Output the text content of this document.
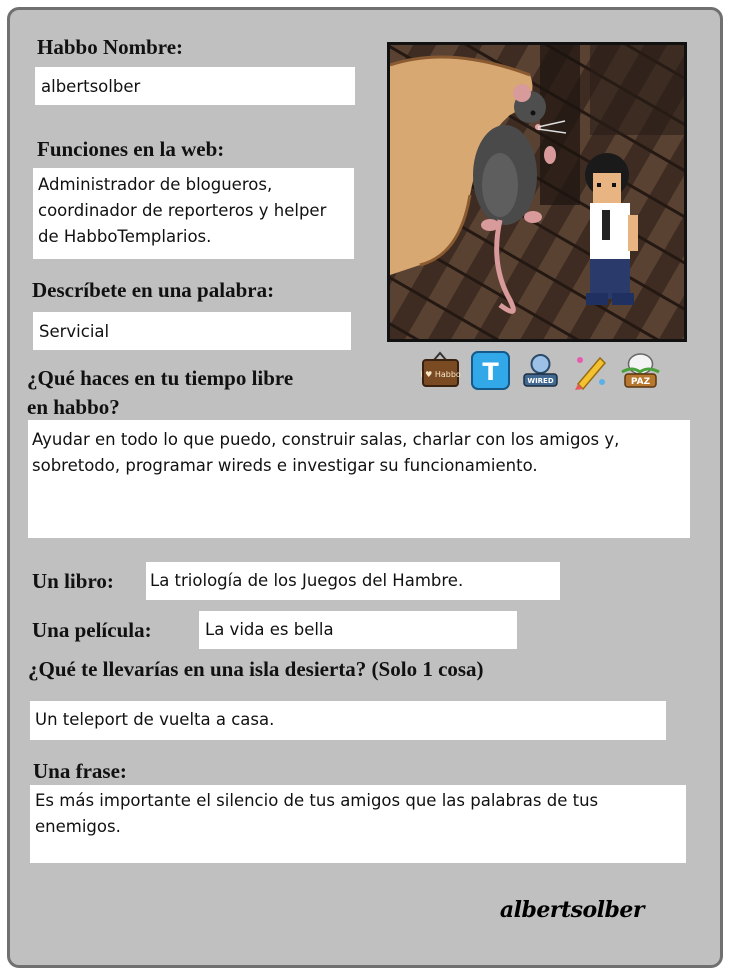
Habbo Nombre:
albertsolber
Funciones en la web:
Administrador de blogueros, coordinador de reporteros y helper de HabboTemplarios.
Descríbete en una palabra:
Servicial
I ♥ Habbo T	WIRED	PAZ
¿Qué haces en tu tiempo libre
en habbo?
Ayudar en todo lo que puedo, construir salas, charlar con los amigos y, sobretodo, programar wireds e investigar su funcionamiento.
Un libro: La triología de los Juegos del Hambre.
Una película:	La vida es bella
¿Qué te llevarías en una isla desierta? (Solo 1 cosa)
Un teleport de vuelta a casa.
Una frase:
Es más importante el silencio de tus amigos que las palabras de tus enemigos.
albertsolber
